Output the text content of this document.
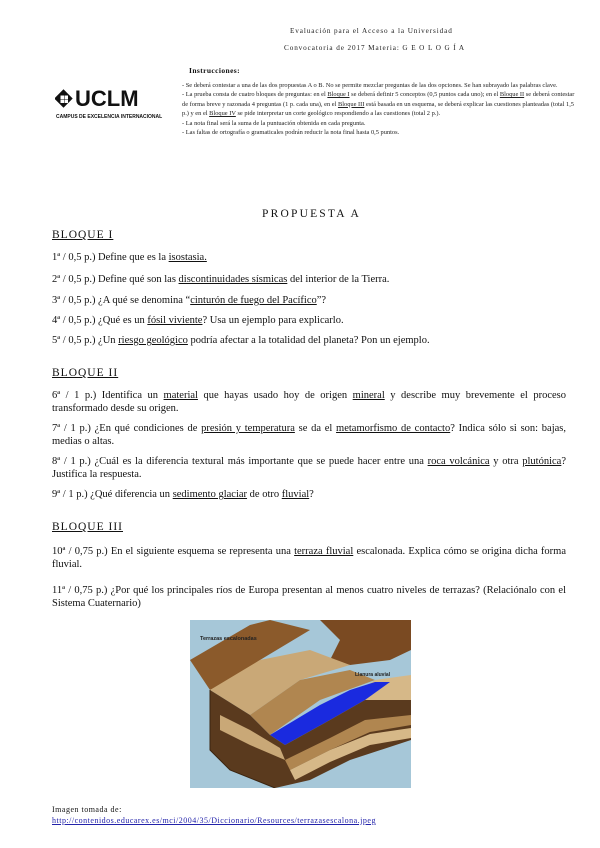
Evaluación para el Acceso a la Universidad
Convocatoria de 2017 Materia: G E O L O G Í A
UCLM
CAMPUS DE EXCELENCIA INTERNACIONAL
Instrucciones:

- Se deberá contestar a una de las dos propuestas A o B. No se permite mezclar preguntas de las dos opciones. Se han subrayado las palabras clave.

- La prueba consta de cuatro bloques de preguntas: en el Bloque I se deberá definir 5 conceptos (0,5 puntos cada uno); en el Bloque II se deberá contestar de forma breve y razonada 4 preguntas (1 p. cada una), en el Bloque III está basada en un esquema, se deberá explicar las cuestiones planteadas (total 1,5 p.) y en el Bloque IV se pide interpretar un corte geológico respondiendo a las cuestiones (total 2 p.).

- La nota final será la suma de la puntuación obtenida en cada pregunta.

- Las faltas de ortografía o gramaticales podrán reducir la nota final hasta 0,5 puntos.

PROPUESTA A
BLOQUE I

1ª / 0,5 p.) Define que es la isostasia.

2ª / 0,5 p.) Define qué son las discontinuidades sísmicas del interior de la Tierra.

3ª / 0,5 p.) ¿A qué se denomina “cinturón de fuego del Pacífico”?

4ª / 0,5 p.) ¿Qué es un fósil viviente? Usa un ejemplo para explicarlo.

5ª / 0,5 p.) ¿Un riesgo geológico podría afectar a la totalidad del planeta? Pon un ejemplo.

BLOQUE II

6ª / 1 p.) Identifica un material que hayas usado hoy de origen mineral y describe muy brevemente el proceso transformado desde su origen.

7ª / 1 p.) ¿En qué condiciones de presión y temperatura se da el metamorfismo de contacto? Indica sólo si son: bajas, medias o altas.

8ª / 1 p.) ¿Cuál es la diferencia textural más importante que se puede hacer entre una roca volcánica y otra plutónica? Justifica la respuesta.

9ª / 1 p.) ¿Qué diferencia un sedimento glaciar de otro fluvial?

BLOQUE III

10ª / 0,75 p.) En el siguiente esquema se representa una terraza fluvial escalonada. Explica cómo se origina dicha forma fluvial.

11ª / 0,75 p.) ¿Por qué los principales ríos de Europa presentan al menos cuatro niveles de terrazas? (Relaciónalo con el Sistema Cuaternario)

Terrazas escalonadas
Llanura aluvial
Imagen tomada de:
http://contenidos.educarex.es/mci/2004/35/Diccionario/Resources/terrazasescalona.jpeg
